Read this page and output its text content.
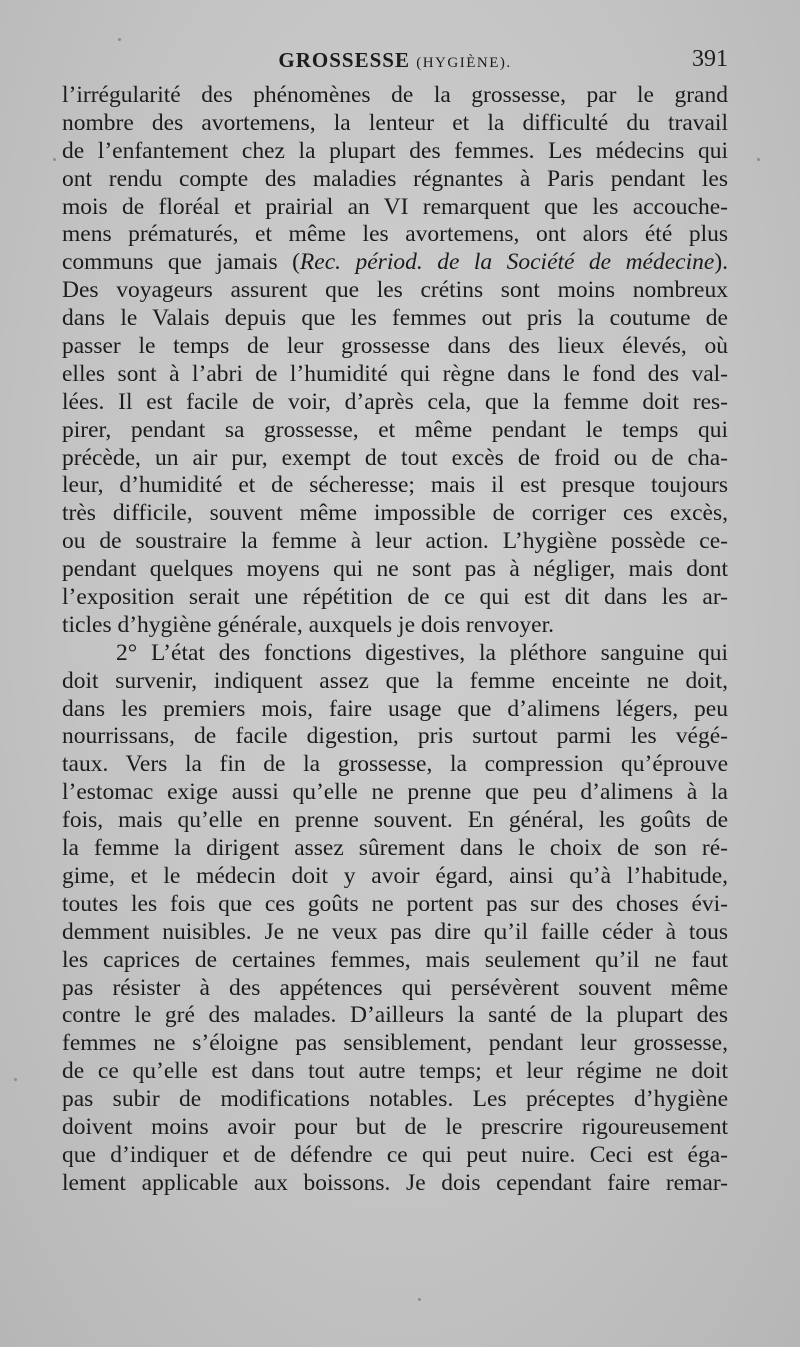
GROSSESSE (HYGIÈNE).	391
l’irrégularité des phénomènes de la grossesse, par le grand
nombre des avortemens, la lenteur et la difficulté du travail
de l’enfantement chez la plupart des femmes. Les médecins qui
ont rendu compte des maladies régnantes à Paris pendant les
mois de floréal et prairial an VI remarquent que les accouche-
mens prématurés, et même les avortemens, ont alors été plus
communs que jamais (Rec. périod. de la Société de médecine).
Des voyageurs assurent que les crétins sont moins nombreux
dans le Valais depuis que les femmes out pris la coutume de
passer le temps de leur grossesse dans des lieux élevés, où
elles sont à l’abri de l’humidité qui règne dans le fond des val-
lées. Il est facile de voir, d’après cela, que la femme doit res-
pirer, pendant sa grossesse, et même pendant le temps qui
précède, un air pur, exempt de tout excès de froid ou de cha-
leur, d’humidité et de sécheresse; mais il est presque toujours
très difficile, souvent même impossible de corriger ces excès,
ou de soustraire la femme à leur action. L’hygiène possède ce-
pendant quelques moyens qui ne sont pas à négliger, mais dont
l’exposition serait une répétition de ce qui est dit dans les ar-
ticles d’hygiène générale, auxquels je dois renvoyer.
2° L’état des fonctions digestives, la pléthore sanguine qui
doit survenir, indiquent assez que la femme enceinte ne doit,
dans les premiers mois, faire usage que d’alimens légers, peu
nourrissans, de facile digestion, pris surtout parmi les végé-
taux. Vers la fin de la grossesse, la compression qu’éprouve
l’estomac exige aussi qu’elle ne prenne que peu d’alimens à la
fois, mais qu’elle en prenne souvent. En général, les goûts de
la femme la dirigent assez sûrement dans le choix de son ré-
gime, et le médecin doit y avoir égard, ainsi qu’à l’habitude,
toutes les fois que ces goûts ne portent pas sur des choses évi-
demment nuisibles. Je ne veux pas dire qu’il faille céder à tous
les caprices de certaines femmes, mais seulement qu’il ne faut
pas résister à des appétences qui persévèrent souvent même
contre le gré des malades. D’ailleurs la santé de la plupart des
femmes ne s’éloigne pas sensiblement, pendant leur grossesse,
de ce qu’elle est dans tout autre temps; et leur régime ne doit
pas subir de modifications notables. Les préceptes d’hygiène
doivent moins avoir pour but de le prescrire rigoureusement
que d’indiquer et de défendre ce qui peut nuire. Ceci est éga-
lement applicable aux boissons. Je dois cependant faire remar-
